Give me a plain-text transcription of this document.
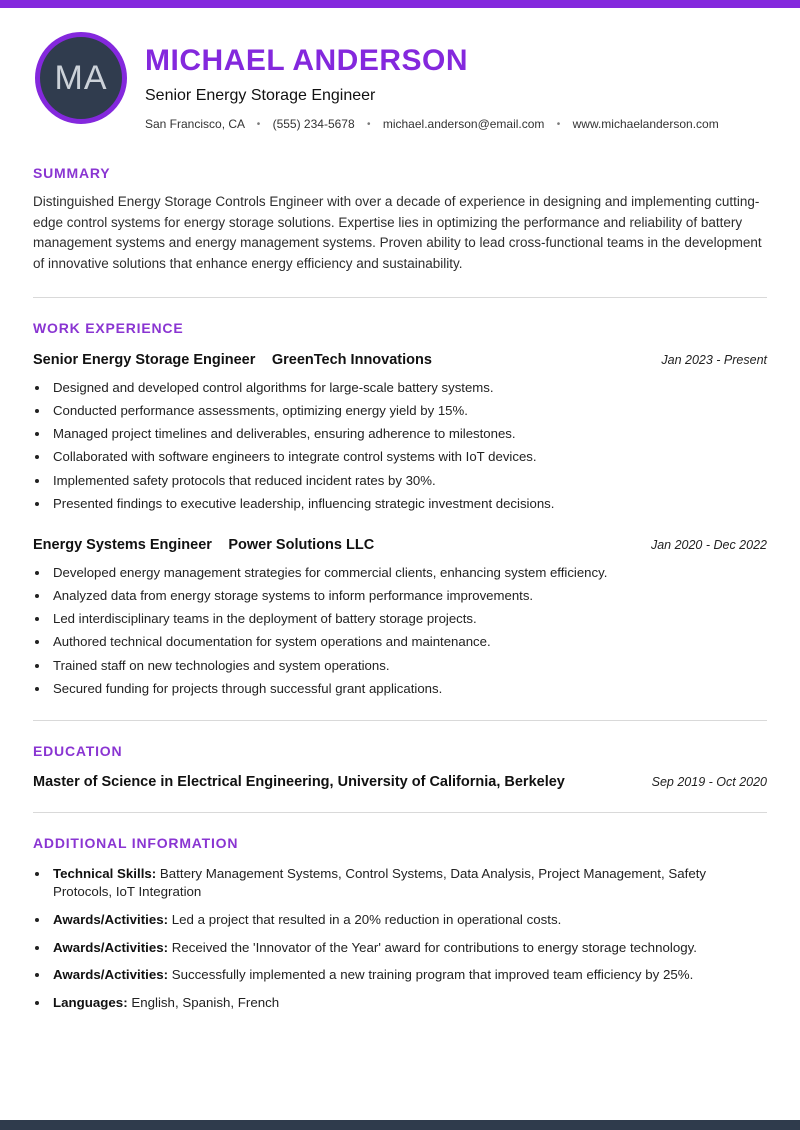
MA MICHAEL ANDERSON
Senior Energy Storage Engineer
San Francisco, CA • (555) 234-5678 • michael.anderson@email.com • www.michaelanderson.com
SUMMARY

Distinguished Energy Storage Controls Engineer with over a decade of experience in designing and implementing cutting-edge control systems for energy storage solutions. Expertise lies in optimizing the performance and reliability of battery management systems and energy management systems. Proven ability to lead cross-functional teams in the development of innovative solutions that enhance energy efficiency and sustainability.

WORK EXPERIENCE
Senior Energy Storage Engineer GreenTech Innovations	Jan 2023 - Present
• Designed and developed control algorithms for large-scale battery systems.
• Conducted performance assessments, optimizing energy yield by 15%.
• Managed project timelines and deliverables, ensuring adherence to milestones.
• Collaborated with software engineers to integrate control systems with IoT devices.
• Implemented safety protocols that reduced incident rates by 30%.
• Presented findings to executive leadership, influencing strategic investment decisions.
Energy Systems Engineer Power Solutions LLC	Jan 2020 - Dec 2022
• Developed energy management strategies for commercial clients, enhancing system efficiency.
• Analyzed data from energy storage systems to inform performance improvements.
• Led interdisciplinary teams in the deployment of battery storage projects.
• Authored technical documentation for system operations and maintenance.
• Trained staff on new technologies and system operations.
• Secured funding for projects through successful grant applications.
EDUCATION
Master of Science in Electrical Engineering, University of California, Berkeley	Sep 2019 - Oct 2020
ADDITIONAL INFORMATION
• Technical Skills: Battery Management Systems, Control Systems, Data Analysis, Project Management, Safety Protocols, IoT Integration
• Awards/Activities: Led a project that resulted in a 20% reduction in operational costs.
• Awards/Activities: Received the 'Innovator of the Year' award for contributions to energy storage technology.
• Awards/Activities: Successfully implemented a new training program that improved team efficiency by 25%.
• Languages: English, Spanish, French
